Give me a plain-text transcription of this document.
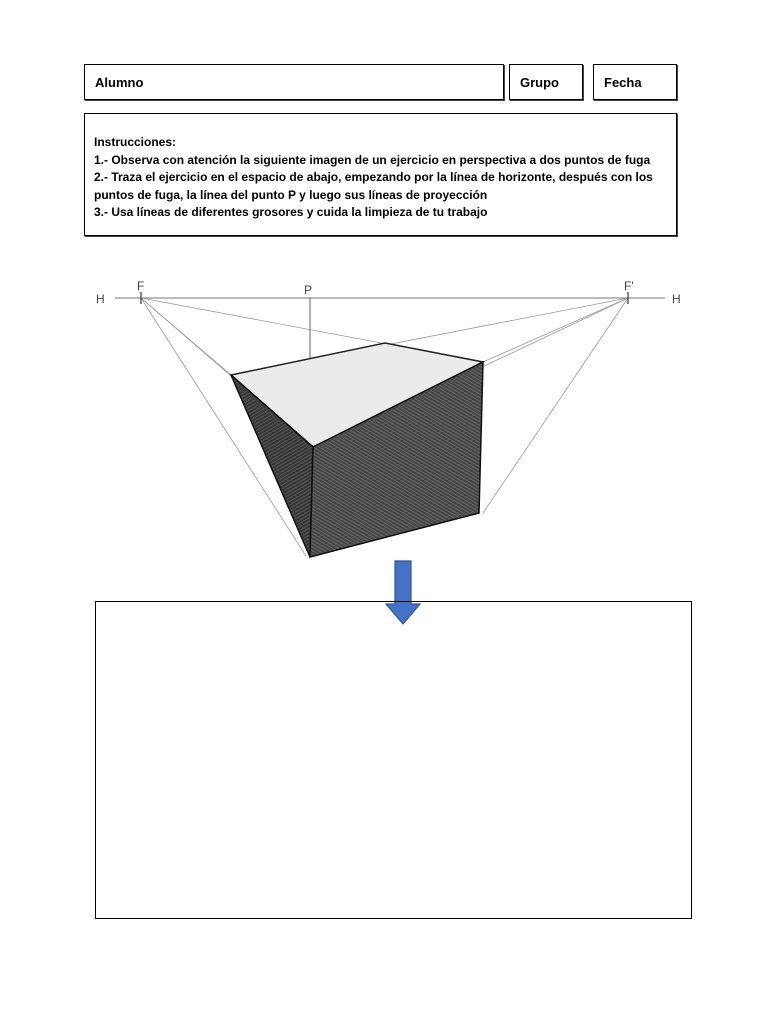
Alumno	Grupo	Fecha
Instrucciones:
1.- Observa con atención la siguiente imagen de un ejercicio en perspectiva a dos puntos de fuga
2.- Traza el ejercicio en el espacio de abajo, empezando por la línea de horizonte, después con los puntos de fuga, la línea del punto P y luego sus líneas de proyección
3.- Usa líneas de diferentes grosores y cuida la limpieza de tu trabajo
H
F	P	F'
H
